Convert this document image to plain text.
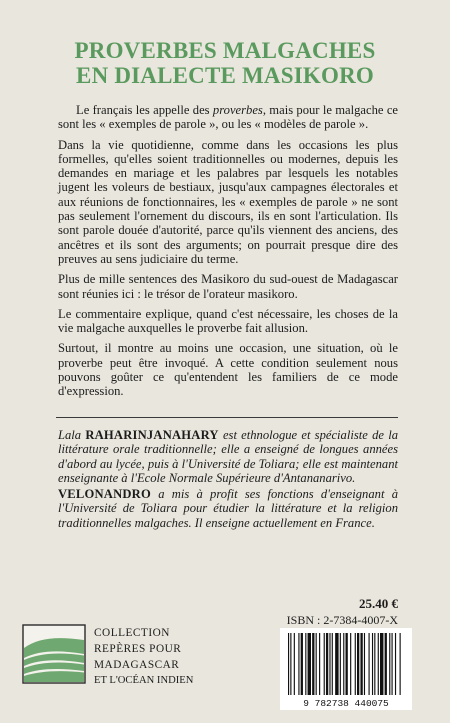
PROVERBES MALGACHES
EN DIALECTE MASIKORO

Le français les appelle des proverbes, mais pour le malgache ce sont les « exemples de parole », ou les « modèles de parole ».

Dans la vie quotidienne, comme dans les occasions les plus formelles, qu'elles soient traditionnelles ou modernes, depuis les demandes en mariage et les palabres par lesquels les notables jugent les voleurs de bestiaux, jusqu'aux campagnes électorales et aux réunions de fonctionnaires, les « exemples de parole » ne sont pas seulement l'ornement du discours, ils en sont l'articulation. Ils sont parole douée d'autorité, parce qu'ils viennent des anciens, des ancêtres et ils sont des arguments; on pourrait presque dire des preuves au sens judiciaire du terme.

Plus de mille sentences des Masikoro du sud-ouest de Madagascar sont réunies ici : le trésor de l'orateur masikoro.

Le commentaire explique, quand c'est nécessaire, les choses de la vie malgache auxquelles le proverbe fait allusion.

Surtout, il montre au moins une occasion, une situation, où le proverbe peut être invoqué. A cette condition seulement nous pouvons goûter ce qu'entendent les familiers de ce mode d'expression.

Lala RAHARINJANAHARY est ethnologue et spécialiste de la littérature orale traditionnelle; elle a enseigné de longues années d'abord au lycée, puis à l'Université de Toliara; elle est maintenant enseignante à l'Ecole Normale Supérieure d'Antananarivo.

VELONANDRO a mis à profit ses fonctions d'enseignant à l'Université de Toliara pour étudier la littérature et la religion traditionnelles malgaches. Il enseigne actuellement en France.

25.40 €
ISBN : 2-7384-4007-X
9 782738 440075
COLLECTION
REPÈRES POUR
MADAGASCAR
ET L'OCÉAN INDIEN
